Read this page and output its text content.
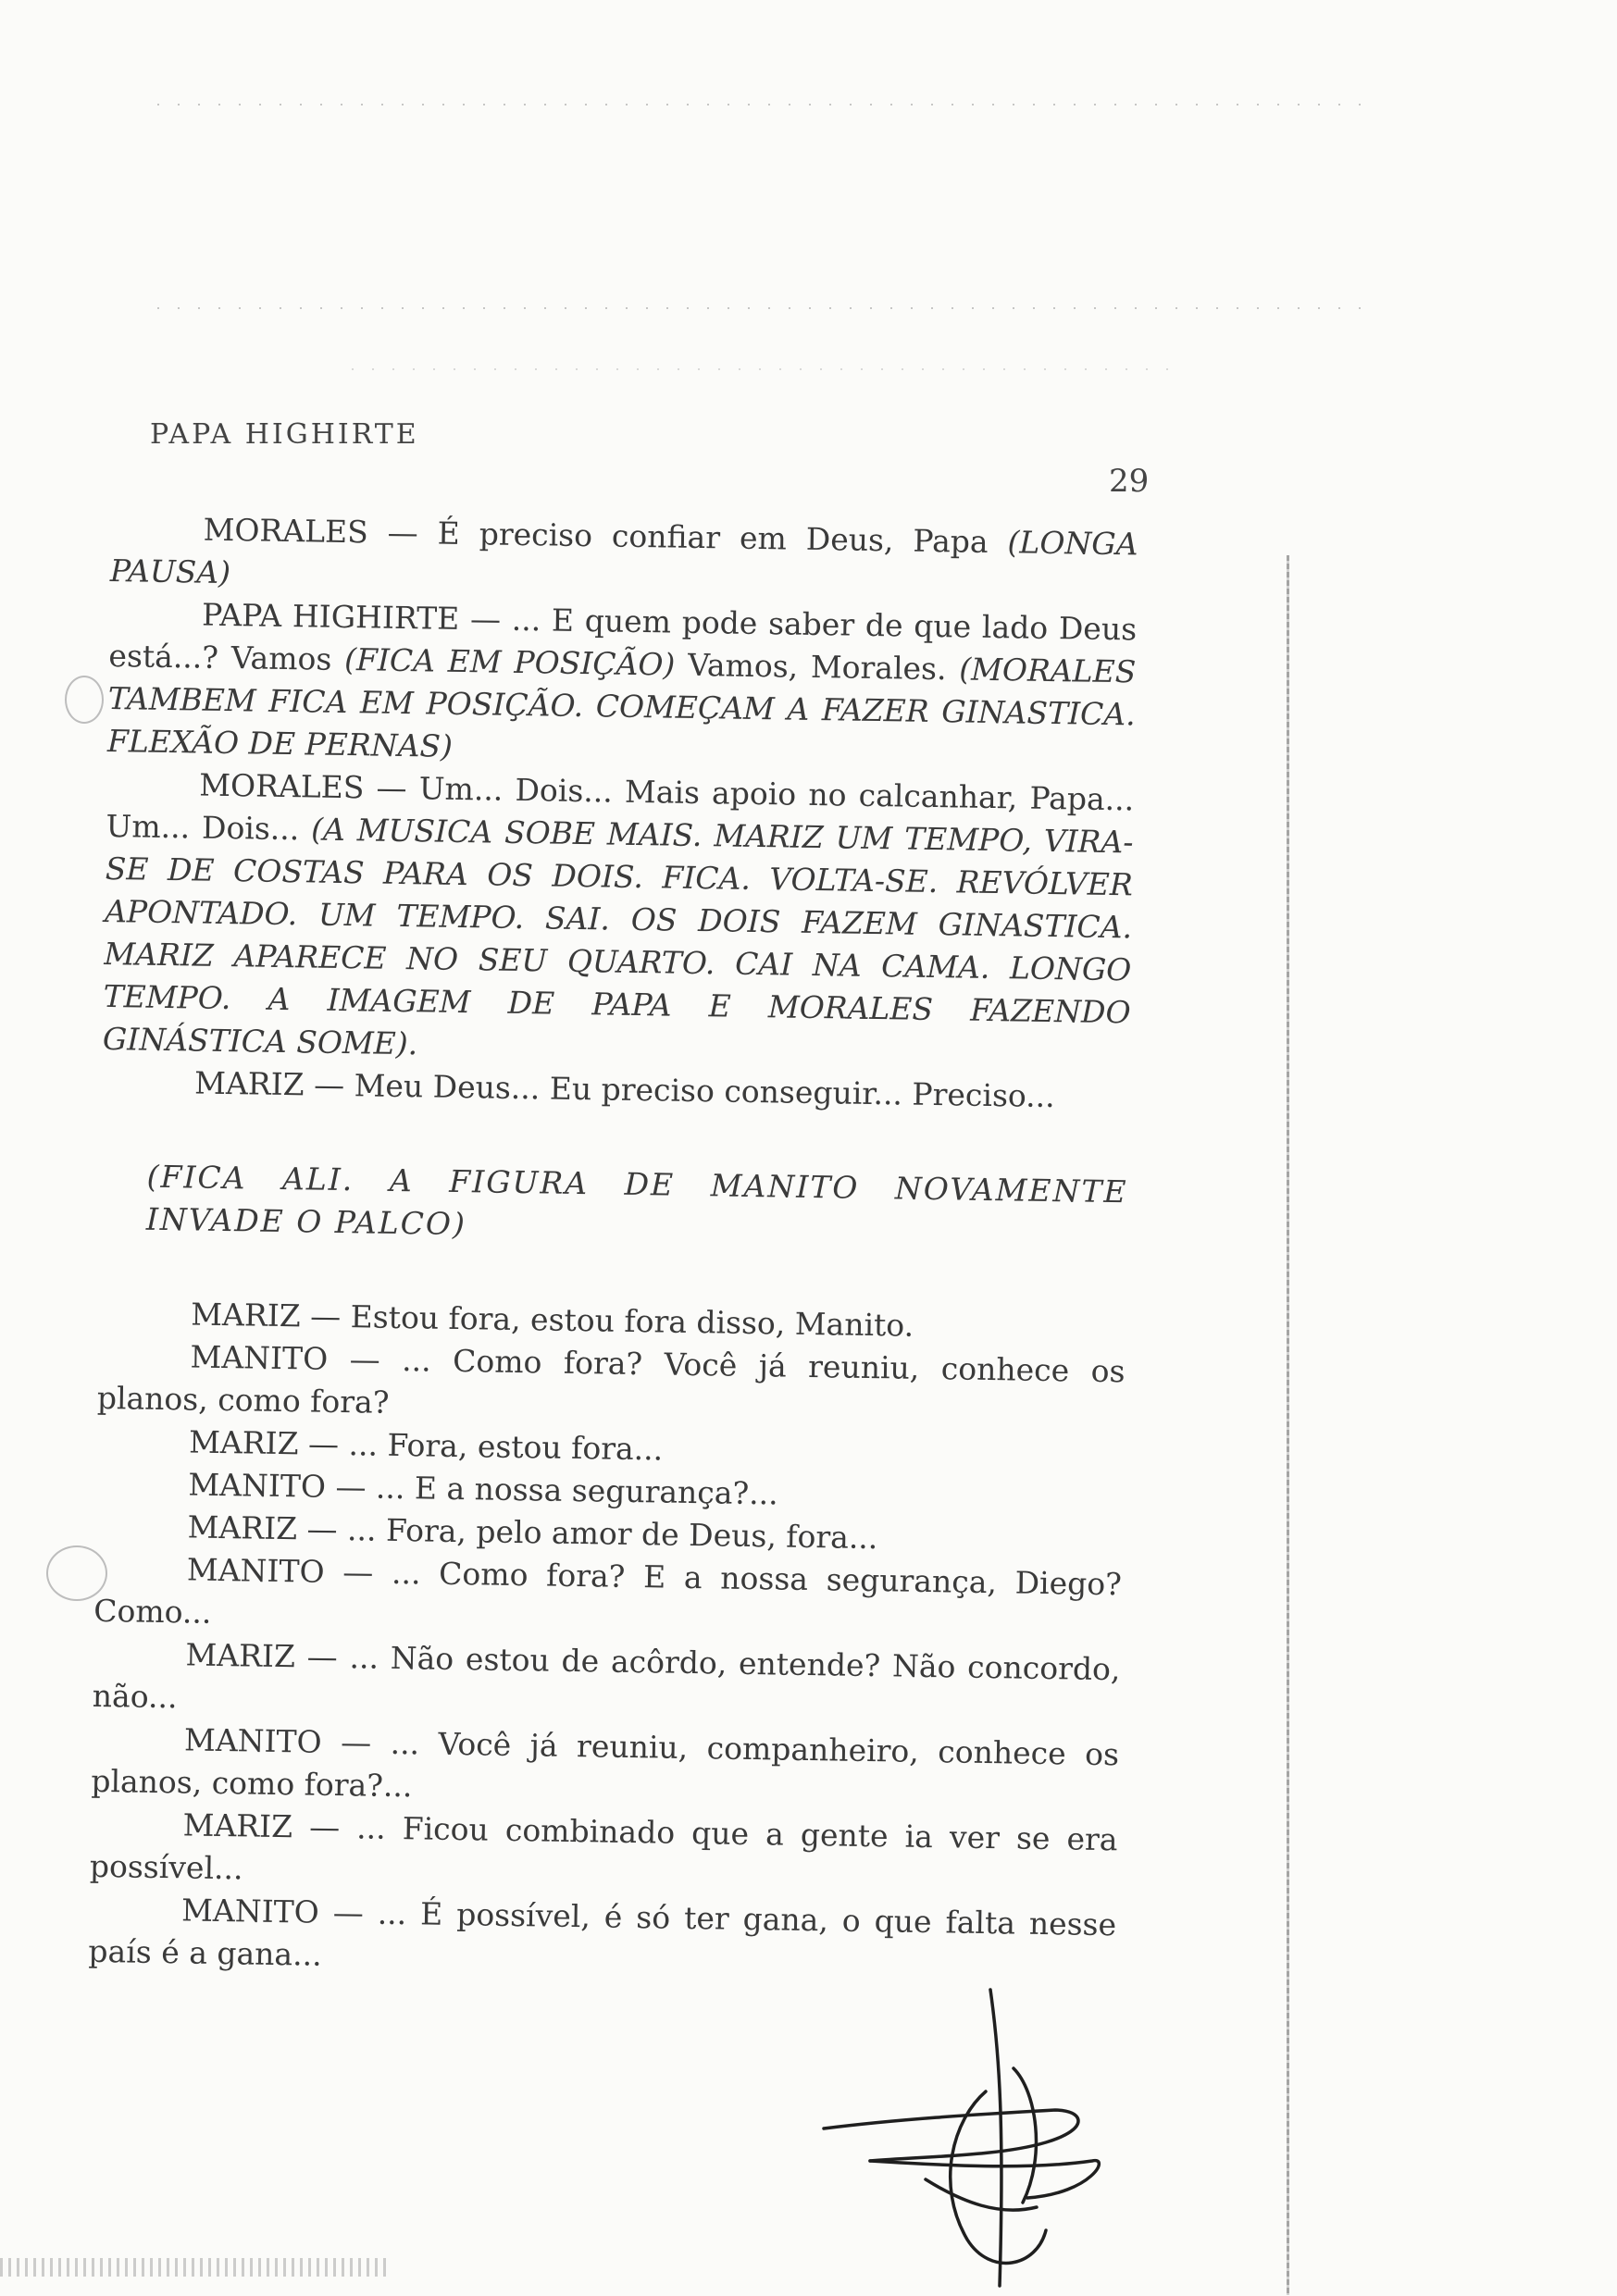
PAPA HIGHIRTE
29

MORALES — É preciso confiar em Deus, Papa (LONGA PAUSA)

PAPA HIGHIRTE — ... E quem pode saber de que lado Deus está...? Vamos (FICA EM POSIÇÃO) Vamos, Morales. (MORALES TAMBEM FICA EM POSIÇÃO. COMEÇAM A FAZER GINASTICA. FLEXÃO DE PERNAS)

MORALES — Um... Dois... Mais apoio no calcanhar, Papa... Um... Dois... (A MUSICA SOBE MAIS. MARIZ UM TEMPO, VIRA-SE DE COSTAS PARA OS DOIS. FICA. VOLTA-SE. REVÓLVER APONTADO. UM TEMPO. SAI. OS DOIS FAZEM GINASTICA. MARIZ APARECE NO SEU QUARTO. CAI NA CAMA. LONGO TEMPO. A IMAGEM DE PAPA E MORALES FAZENDO GINÁSTICA SOME).

MARIZ — Meu Deus... Eu preciso conseguir... Preciso...

(FICA ALI. A FIGURA DE MANITO NOVAMENTE INVADE O PALCO)

MARIZ — Estou fora, estou fora disso, Manito.

MANITO — ... Como fora? Você já reuniu, conhece os planos, como fora?

MARIZ — ... Fora, estou fora...

MANITO — ... E a nossa segurança?...

MARIZ — ... Fora, pelo amor de Deus, fora...

MANITO — ... Como fora? E a nossa segurança, Diego? Como...

MARIZ — ... Não estou de acôrdo, entende? Não concordo, não...

MANITO — ... Você já reuniu, companheiro, conhece os planos, como fora?...

MARIZ — ... Ficou combinado que a gente ia ver se era possível...

MANITO — ... É possível, é só ter gana, o que falta nesse país é a gana...
